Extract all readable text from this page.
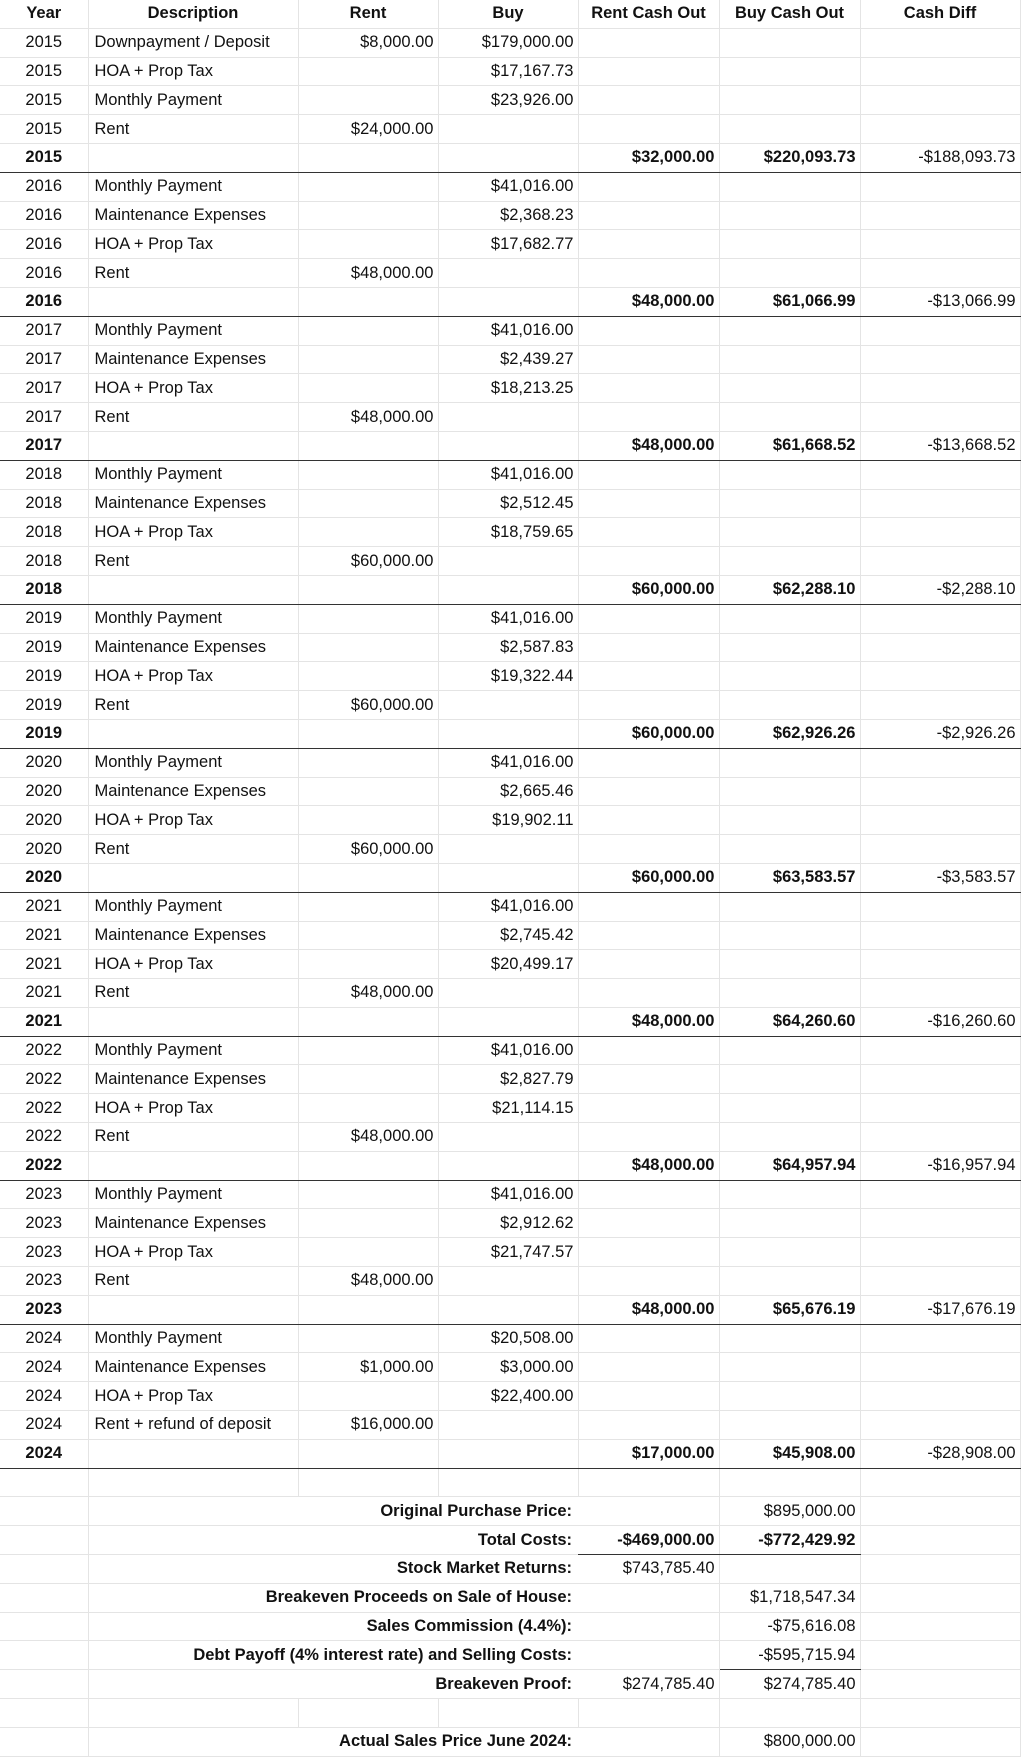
Year	Description	Rent	Buy	Rent Cash Out	Buy Cash Out	Cash Diff
2015	Downpayment / Deposit	$8,000.00	$179,000.00			
2015	HOA + Prop Tax		$17,167.73			
2015	Monthly Payment		$23,926.00			
2015	Rent	$24,000.00				
2015				$32,000.00	$220,093.73	-$188,093.73
2016	Monthly Payment		$41,016.00			
2016	Maintenance Expenses		$2,368.23			
2016	HOA + Prop Tax		$17,682.77			
2016	Rent	$48,000.00				
2016				$48,000.00	$61,066.99	-$13,066.99
2017	Monthly Payment		$41,016.00			
2017	Maintenance Expenses		$2,439.27			
2017	HOA + Prop Tax		$18,213.25			
2017	Rent	$48,000.00				
2017				$48,000.00	$61,668.52	-$13,668.52
2018	Monthly Payment		$41,016.00			
2018	Maintenance Expenses		$2,512.45			
2018	HOA + Prop Tax		$18,759.65			
2018	Rent	$60,000.00				
2018				$60,000.00	$62,288.10	-$2,288.10
2019	Monthly Payment		$41,016.00			
2019	Maintenance Expenses		$2,587.83			
2019	HOA + Prop Tax		$19,322.44			
2019	Rent	$60,000.00				
2019				$60,000.00	$62,926.26	-$2,926.26
2020	Monthly Payment		$41,016.00			
2020	Maintenance Expenses		$2,665.46			
2020	HOA + Prop Tax		$19,902.11			
2020	Rent	$60,000.00				
2020				$60,000.00	$63,583.57	-$3,583.57
2021	Monthly Payment		$41,016.00			
2021	Maintenance Expenses		$2,745.42			
2021	HOA + Prop Tax		$20,499.17			
2021	Rent	$48,000.00				
2021				$48,000.00	$64,260.60	-$16,260.60
2022	Monthly Payment		$41,016.00			
2022	Maintenance Expenses		$2,827.79			
2022	HOA + Prop Tax		$21,114.15			
2022	Rent	$48,000.00				
2022				$48,000.00	$64,957.94	-$16,957.94
2023	Monthly Payment		$41,016.00			
2023	Maintenance Expenses		$2,912.62			
2023	HOA + Prop Tax		$21,747.57			
2023	Rent	$48,000.00				
2023				$48,000.00	$65,676.19	-$17,676.19
2024	Monthly Payment		$20,508.00			
2024	Maintenance Expenses	$1,000.00	$3,000.00			
2024	HOA + Prop Tax		$22,400.00			
2024	Rent + refund of deposit	$16,000.00				
2024				$17,000.00	$45,908.00	-$28,908.00

	Original Purchase Price:				$895,000.00	
	Total Costs:			-$469,000.00	-$772,429.92	
	Stock Market Returns:			$743,785.40		
	Breakeven Proceeds on Sale of House:				$1,718,547.34	
	Sales Commission (4.4%):				-$75,616.08	
	Debt Payoff (4% interest rate) and Selling Costs:				-$595,715.94	
	Breakeven Proof:			$274,785.40	$274,785.40	

	Actual Sales Price June 2024:				$800,000.00	
